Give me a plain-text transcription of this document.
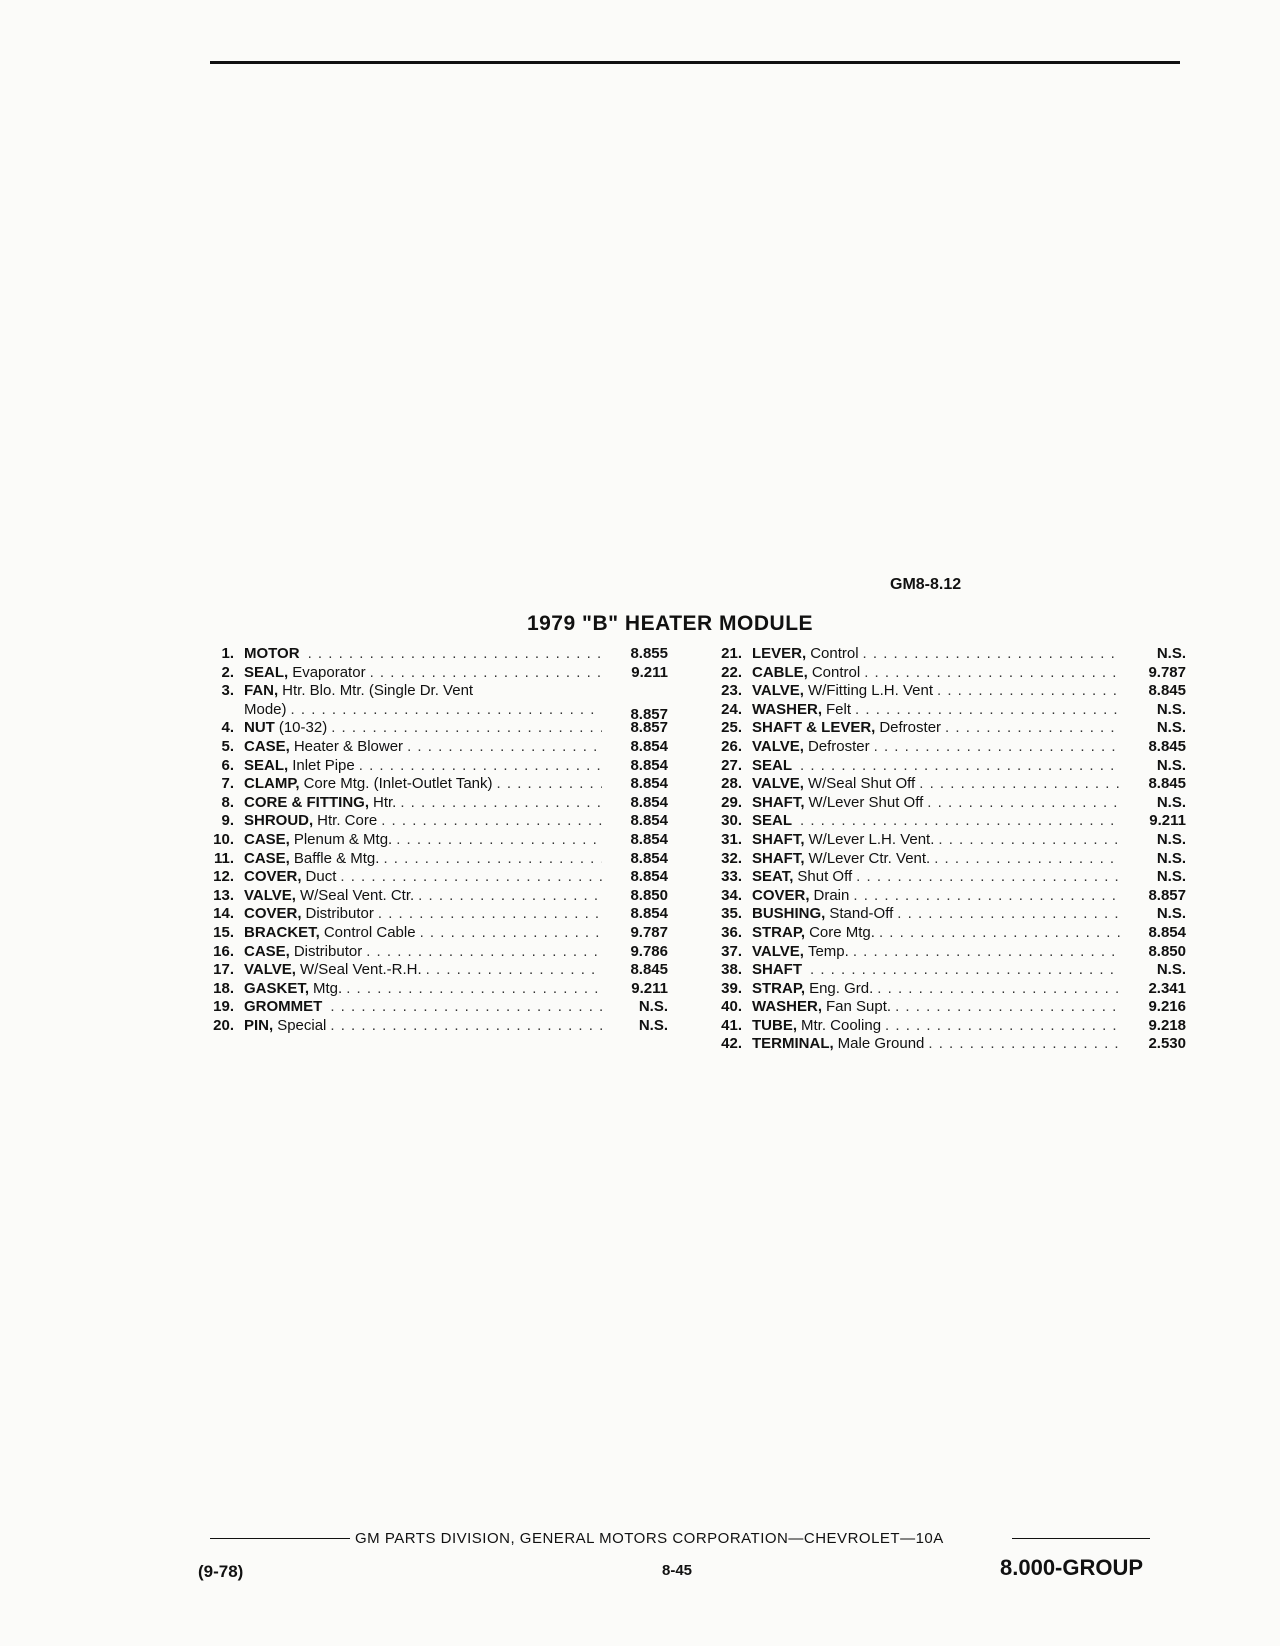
GM8-8.12
1979 "B" HEATER MODULE
1. MOTOR . . .	8.855
2. SEAL, Evaporator . . .	9.211
3. FAN, Htr. Blo. Mtr. (Single Dr. Vent
Mode) . . .	8.857
4. NUT (10-32) . . .	8.857
5. CASE, Heater & Blower . . .	8.854
6. SEAL, Inlet Pipe . . .	8.854
7. CLAMP, Core Mtg. (Inlet-Outlet Tank) . . .	8.854
8. CORE & FITTING, Htr. . . .	8.854
9. SHROUD, Htr. Core . . .	8.854
10. CASE, Plenum & Mtg. . . .	8.854
11. CASE, Baffle & Mtg. . . .	8.854
12. COVER, Duct . . .	8.854
13. VALVE, W/Seal Vent. Ctr. . . .	8.850
14. COVER, Distributor . . .	8.854
15. BRACKET, Control Cable . . .	9.787
16. CASE, Distributor . . .	9.786
17. VALVE, W/Seal Vent.-R.H. . . .	8.845
18. GASKET, Mtg. . . .	9.211
19. GROMMET . . .	N.S.
20. PIN, Special . . .	N.S.
21. LEVER, Control . . .	N.S.
22. CABLE, Control . . .	9.787
23. VALVE, W/Fitting L.H. Vent . . .	8.845
24. WASHER, Felt . . .	N.S.
25. SHAFT & LEVER, Defroster . . .	N.S.
26. VALVE, Defroster . . .	8.845
27. SEAL . . .	N.S.
28. VALVE, W/Seal Shut Off . . .	8.845
29. SHAFT, W/Lever Shut Off . . .	N.S.
30. SEAL . . .	9.211
31. SHAFT, W/Lever L.H. Vent. . . .	N.S.
32. SHAFT, W/Lever Ctr. Vent. . . .	N.S.
33. SEAT, Shut Off . . .	N.S.
34. COVER, Drain . . .	8.857
35. BUSHING, Stand-Off . . .	N.S.
36. STRAP, Core Mtg. . . .	8.854
37. VALVE, Temp. . . .	8.850
38. SHAFT . . .	N.S.
39. STRAP, Eng. Grd. . . .	2.341
40. WASHER, Fan Supt. . . .	9.216
41. TUBE, Mtr. Cooling . . .	9.218
42. TERMINAL, Male Ground . . .	2.530
GM PARTS DIVISION, GENERAL MOTORS CORPORATION—CHEVROLET—10A
(9-78)	8-45	8.000-GROUP
